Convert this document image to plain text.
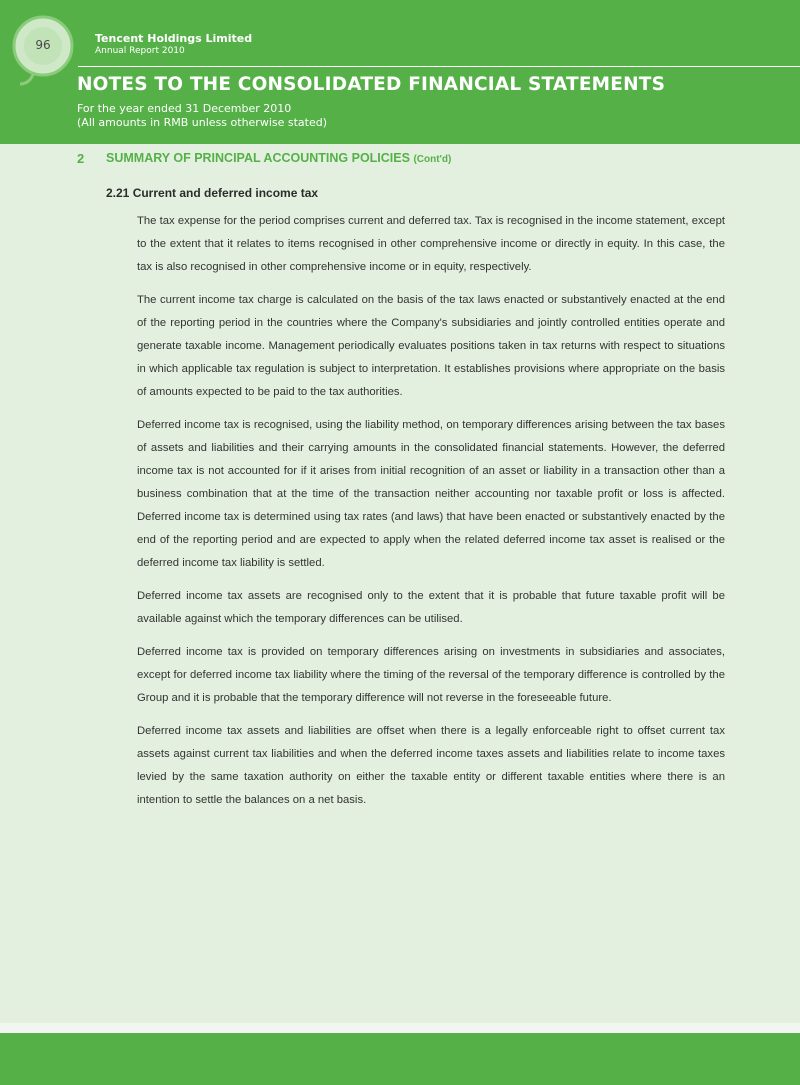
96	Tencent Holdings Limited
Annual Report 2010
NOTES TO THE CONSOLIDATED FINANCIAL STATEMENTS
For the year ended 31 December 2010
(All amounts in RMB unless otherwise stated)
2 SUMMARY OF PRINCIPAL ACCOUNTING POLICIES (Cont'd)
2.21 Current and deferred income tax

The tax expense for the period comprises current and deferred tax. Tax is recognised in the income statement, except to the extent that it relates to items recognised in other comprehensive income or directly in equity. In this case, the tax is also recognised in other comprehensive income or in equity, respectively.

The current income tax charge is calculated on the basis of the tax laws enacted or substantively enacted at the end of the reporting period in the countries where the Company's subsidiaries and jointly controlled entities operate and generate taxable income. Management periodically evaluates positions taken in tax returns with respect to situations in which applicable tax regulation is subject to interpretation. It establishes provisions where appropriate on the basis of amounts expected to be paid to the tax authorities.

Deferred income tax is recognised, using the liability method, on temporary differences arising between the tax bases of assets and liabilities and their carrying amounts in the consolidated financial statements. However, the deferred income tax is not accounted for if it arises from initial recognition of an asset or liability in a transaction other than a business combination that at the time of the transaction neither accounting nor taxable profit or loss is affected. Deferred income tax is determined using tax rates (and laws) that have been enacted or substantively enacted by the end of the reporting period and are expected to apply when the related deferred income tax asset is realised or the deferred income tax liability is settled.

Deferred income tax assets are recognised only to the extent that it is probable that future taxable profit will be available against which the temporary differences can be utilised.

Deferred income tax is provided on temporary differences arising on investments in subsidiaries and associates, except for deferred income tax liability where the timing of the reversal of the temporary difference is controlled by the Group and it is probable that the temporary difference will not reverse in the foreseeable future.

Deferred income tax assets and liabilities are offset when there is a legally enforceable right to offset current tax assets against current tax liabilities and when the deferred income taxes assets and liabilities relate to income taxes levied by the same taxation authority on either the taxable entity or different taxable entities where there is an intention to settle the balances on a net basis.
